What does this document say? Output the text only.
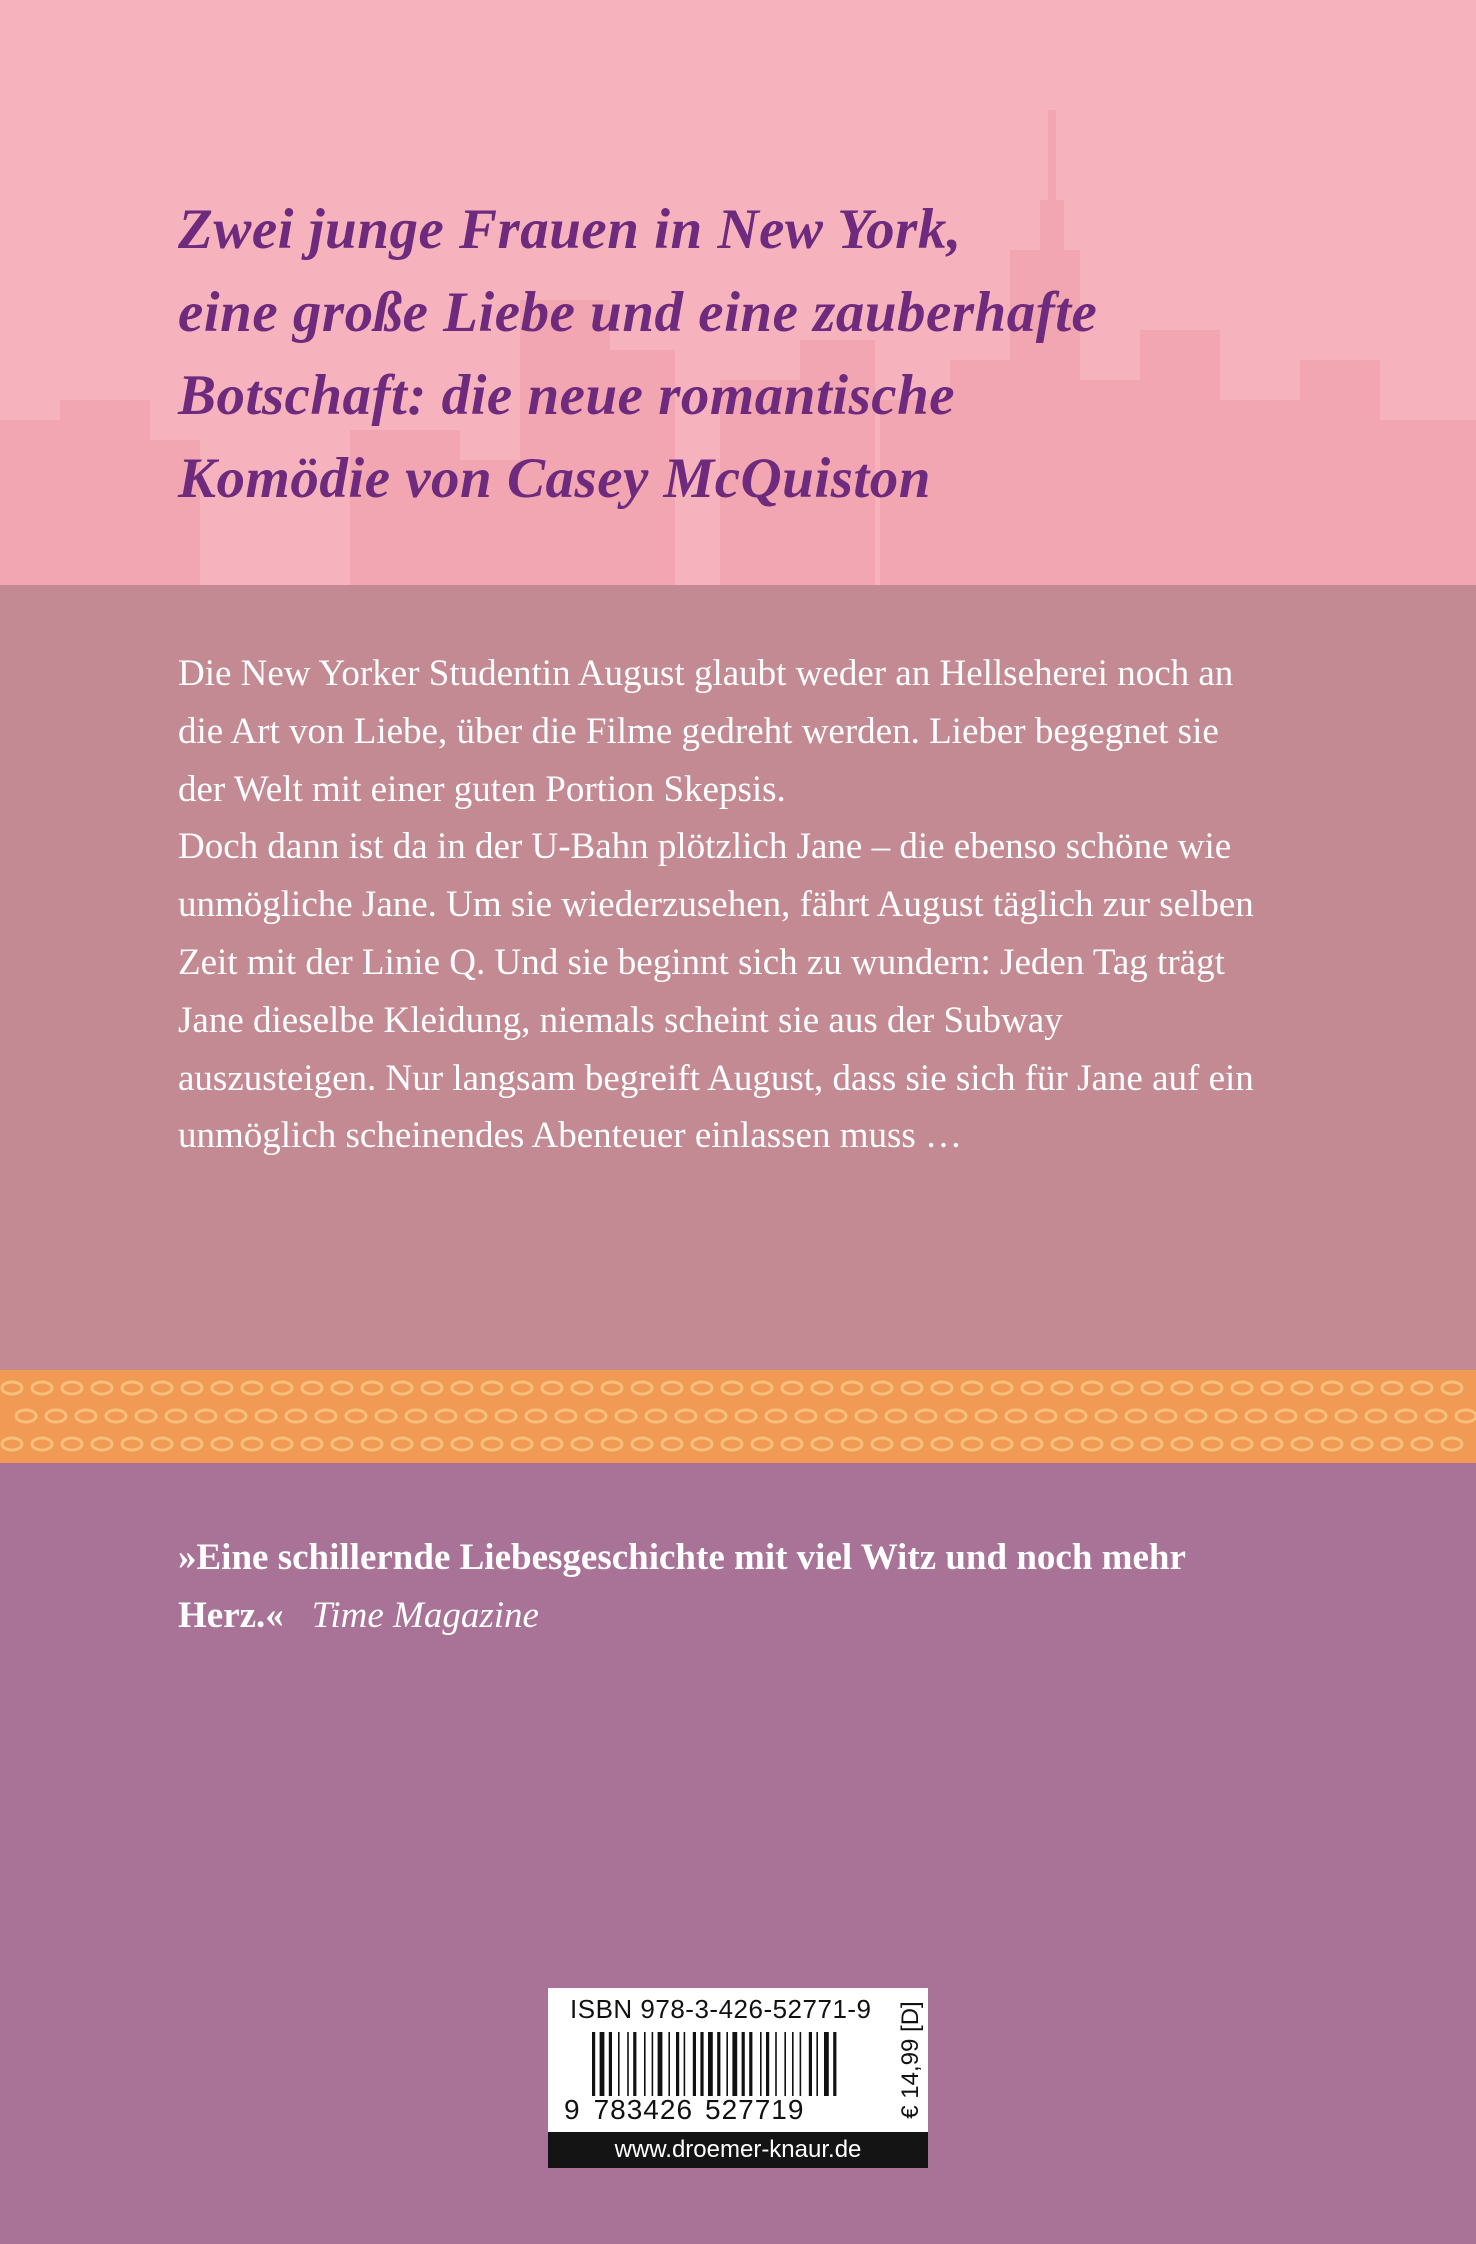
Zwei junge Frauen in New York,
eine große Liebe und eine zauberhafte
Botschaft: die neue romantische
Komödie von Casey McQuiston

Die New Yorker Studentin August glaubt weder an Hellseherei noch an die Art von Liebe, über die Filme gedreht werden. Lieber begegnet sie der Welt mit einer guten Portion Skepsis.

Doch dann ist da in der U-Bahn plötzlich Jane – die ebenso schöne wie unmögliche Jane. Um sie wiederzusehen, fährt August täglich zur selben Zeit mit der Linie Q. Und sie beginnt sich zu wundern: Jeden Tag trägt Jane dieselbe Kleidung, niemals scheint sie aus der Subway auszusteigen. Nur langsam begreift August, dass sie sich für Jane auf ein unmöglich scheinendes Abenteuer einlassen muss …

»Eine schillernde Liebesgeschichte mit viel Witz und noch mehr Herz.« Time Magazine
ISBN 978-3-426-52771-9
9 783426 527719	€ 14,99 [D]
www.droemer-knaur.de
